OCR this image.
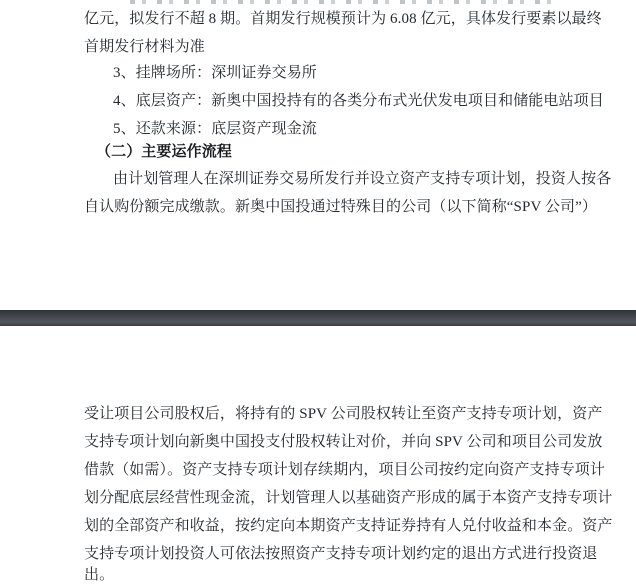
亿元，拟发行不超 8 期。首期发行规模预计为 6.08 亿元，具体发行要素以最终
首期发行材料为准
3、挂牌场所：深圳证券交易所
4、底层资产：新奥中国投持有的各类分布式光伏发电项目和储能电站项目
5、还款来源：底层资产现金流
（二）主要运作流程
由计划管理人在深圳证券交易所发行并设立资产支持专项计划，投资人按各
自认购份额完成缴款。新奥中国投通过特殊目的公司（以下简称“SPV 公司”）
受让项目公司股权后，将持有的 SPV 公司股权转让至资产支持专项计划，资产
支持专项计划向新奥中国投支付股权转让对价，并向 SPV 公司和项目公司发放
借款（如需）。资产支持专项计划存续期内，项目公司按约定向资产支持专项计
划分配底层经营性现金流，计划管理人以基础资产形成的属于本资产支持专项计
划的全部资产和收益，按约定向本期资产支持证券持有人兑付收益和本金。资产
支持专项计划投资人可依法按照资产支持专项计划约定的退出方式进行投资退
出。
